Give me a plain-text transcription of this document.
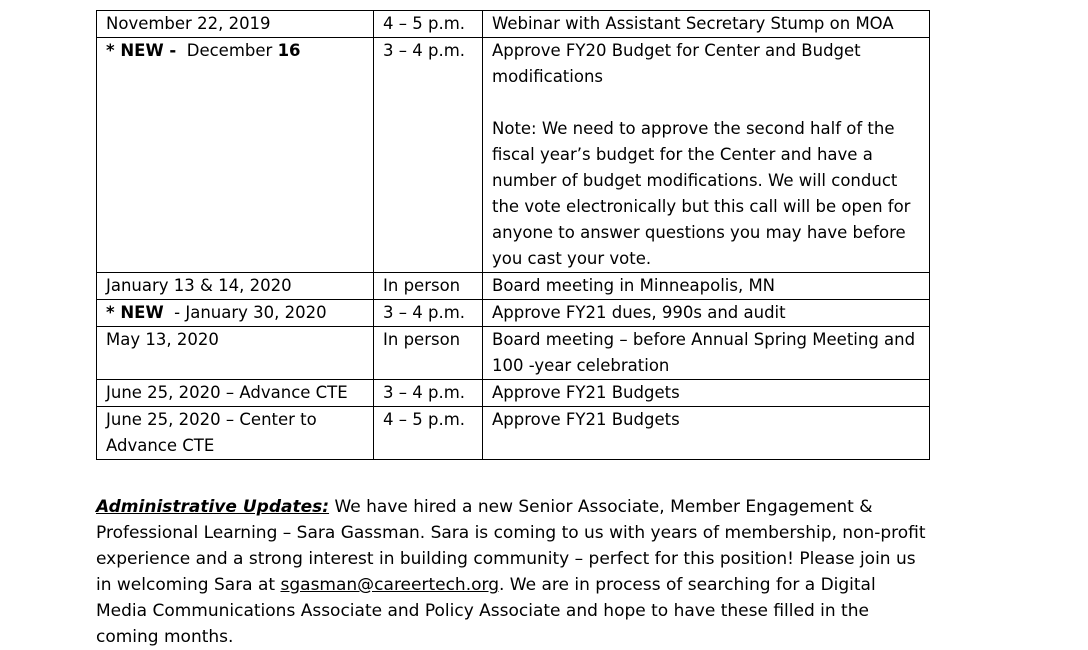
November 22, 2019	4 – 5 p.m.	Webinar with Assistant Secretary Stump on MOA
* NEW - December 16	3 – 4 p.m.	Approve FY20 Budget for Center and Budget modifications
Note: We need to approve the second half of the fiscal year’s budget for the Center and have a number of budget modifications. We will conduct the vote electronically but this call will be open for anyone to answer questions you may have before you cast your vote.

January 13 & 14, 2020	In person	Board meeting in Minneapolis, MN
* NEW - January 30, 2020	3 – 4 p.m.	Approve FY21 dues, 990s and audit
May 13, 2020	In person	Board meeting – before Annual Spring Meeting and 100 -year celebration
June 25, 2020 – Advance CTE	3 – 4 p.m.	Approve FY21 Budgets
June 25, 2020 – Center to Advance CTE	4 – 5 p.m.	Approve FY21 Budgets

Administrative Updates: We have hired a new Senior Associate, Member Engagement & Professional Learning – Sara Gassman. Sara is coming to us with years of membership, non-profit experience and a strong interest in building community – perfect for this position! Please join us in welcoming Sara at sgasman@careertech.org. We are in process of searching for a Digital Media Communications Associate and Policy Associate and hope to have these filled in the coming months.
